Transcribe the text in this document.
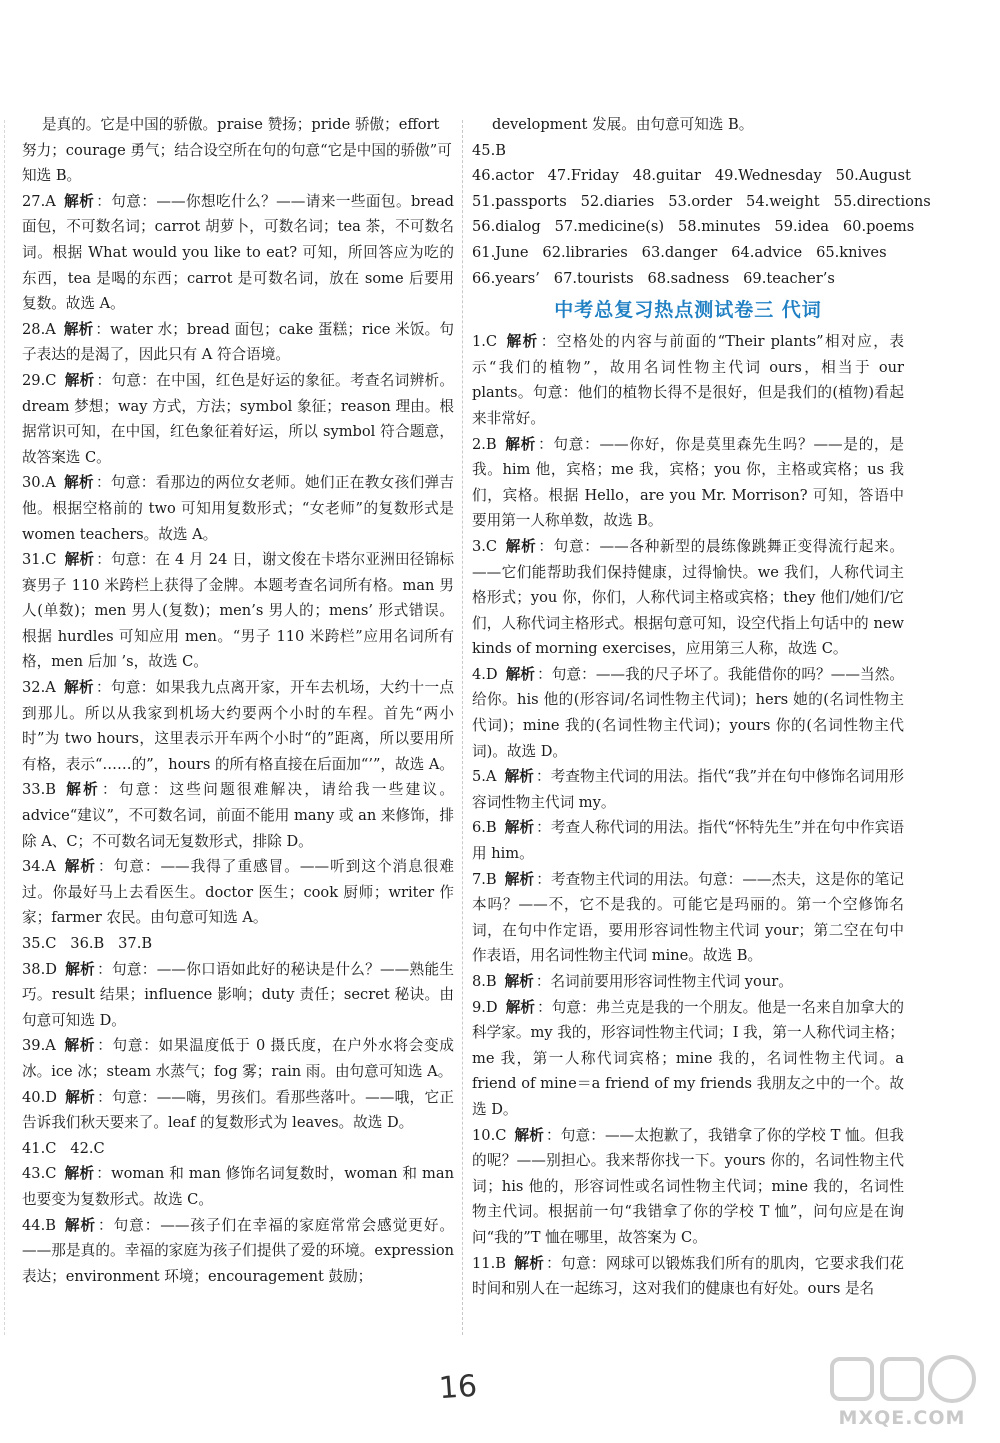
是真的。它是中国的骄傲。praise 赞扬；pride 骄傲；effort 努力；courage 勇气；结合设空所在句的句意“它是中国的骄傲”可知选 B。

27.A 解析 ：句意：——你想吃什么？——请来一些面包。bread 面包，不可数名词；carrot 胡萝卜，可数名词；tea 茶，不可数名词。根据 What would you like to eat? 可知，所回答应为吃的东西，tea 是喝的东西；carrot 是可数名词，放在 some 后要用复数。故选 A。

28.A 解析 ：water 水；bread 面包；cake 蛋糕；rice 米饭。句子表达的是渴了，因此只有 A 符合语境。

29.C 解析 ：句意：在中国，红色是好运的象征。考查名词辨析。dream 梦想；way 方式，方法；symbol 象征；reason 理由。根据常识可知，在中国，红色象征着好运，所以 symbol 符合题意，故答案选 C。

30.A 解析 ：句意：看那边的两位女老师。她们正在教女孩们弹吉他。根据空格前的 two 可知用复数形式；“女老师”的复数形式是 women teachers。故选 A。

31.C 解析 ：句意：在 4 月 24 日，谢文俊在卡塔尔亚洲田径锦标赛男子 110 米跨栏上获得了金牌。本题考查名词所有格。man 男人(单数)；men 男人(复数)；men’s 男人的；mens’ 形式错误。根据 hurdles 可知应用 men。“男子 110 米跨栏”应用名词所有格，men 后加 ’s，故选 C。

32.A 解析 ：句意：如果我九点离开家，开车去机场，大约十一点到那儿。所以从我家到机场大约要两个小时的车程。首先“两小时”为 two hours，这里表示开车两个小时“的”距离，所以要用所有格，表示“……的”，hours 的所有格直接在后面加“’”，故选 A。

33.B 解析 ：句意：这些问题很难解决，请给我一些建议。advice“建议”，不可数名词，前面不能用 many 或 an 来修饰，排除 A、C；不可数名词无复数形式，排除 D。

34.A 解析 ：句意：——我得了重感冒。——听到这个消息很难过。你最好马上去看医生。doctor 医生；cook 厨师；writer 作家；farmer 农民。由句意可知选 A。

35.C   36.B   37.B

38.D 解析 ：句意：——你口语如此好的秘诀是什么？——熟能生巧。result 结果；influence 影响；duty 责任；secret 秘诀。由句意可知选 D。

39.A 解析 ：句意：如果温度低于 0 摄氏度，在户外水将会变成冰。ice 冰；steam 水蒸气；fog 雾；rain 雨。由句意可知选 A。

40.D 解析 ：句意：——嗨，男孩们。看那些落叶。——哦，它正告诉我们秋天要来了。leaf 的复数形式为 leaves。故选 D。

41.C   42.C

43.C 解析 ：woman 和 man 修饰名词复数时，woman 和 man 也要变为复数形式。故选 C。

44.B 解析 ：句意：——孩子们在幸福的家庭常常会感觉更好。——那是真的。幸福的家庭为孩子们提供了爱的环境。expression 表达；environment 环境；encouragement 鼓励；

development 发展。由句意可知选 B。

45.B

46.actor   47.Friday   48.guitar   49.Wednesday   50.August

51.passports   52.diaries   53.order   54.weight   55.directions

56.dialog   57.medicine(s)   58.minutes   59.idea   60.poems

61.June   62.libraries   63.danger   64.advice   65.knives

66.years’   67.tourists   68.sadness   69.teacher’s

中考总复习热点测试卷三 代词

1.C 解析 ：空格处的内容与前面的“Their plants”相对应，表示“我们的植物”，故用名词性物主代词 ours，相当于 our plants。句意：他们的植物长得不是很好，但是我们的(植物)看起来非常好。

2.B 解析 ：句意：——你好，你是莫里森先生吗？——是的，是我。him 他，宾格；me 我，宾格；you 你，主格或宾格；us 我们，宾格。根据 Hello，are you Mr. Morrison? 可知，答语中要用第一人称单数，故选 B。

3.C 解析 ：句意：——各种新型的晨练像跳舞正变得流行起来。——它们能帮助我们保持健康，过得愉快。we 我们，人称代词主格形式；you 你，你们，人称代词主格或宾格；they 他们/她们/它们，人称代词主格形式。根据句意可知，设空代指上句话中的 new kinds of morning exercises，应用第三人称，故选 C。

4.D 解析 ：句意：——我的尺子坏了。我能借你的吗？——当然。给你。his 他的(形容词/名词性物主代词)；hers 她的(名词性物主代词)；mine 我的(名词性物主代词)；yours 你的(名词性物主代词)。故选 D。

5.A 解析 ：考查物主代词的用法。指代“我”并在句中修饰名词用形容词性物主代词 my。

6.B 解析 ：考查人称代词的用法。指代“怀特先生”并在句中作宾语用 him。

7.B 解析 ：考查物主代词的用法。句意：——杰夫，这是你的笔记本吗？——不，它不是我的。可能它是玛丽的。第一个空修饰名词，在句中作定语，要用形容词性物主代词 your；第二空在句中作表语，用名词性物主代词 mine。故选 B。

8.B 解析 ：名词前要用形容词性物主代词 your。

9.D 解析 ：句意：弗兰克是我的一个朋友。他是一名来自加拿大的科学家。my 我的，形容词性物主代词；I 我，第一人称代词主格；me 我，第一人称代词宾格；mine 我的，名词性物主代词。a friend of mine＝a friend of my friends 我朋友之中的一个。故选 D。

10.C 解析 ：句意：——太抱歉了，我错拿了你的学校 T 恤。但我的呢？——别担心。我来帮你找一下。yours 你的，名词性物主代词；his 他的，形容词性或名词性物主代词；mine 我的，名词性物主代词。根据前一句“我错拿了你的学校 T 恤”，问句应是在询问“我的”T 恤在哪里，故答案为 C。

11.B 解析 ：句意：网球可以锻炼我们所有的肌肉，它要求我们花时间和别人在一起练习，这对我们的健康也有好处。ours 是名

16
MXQE.COM
